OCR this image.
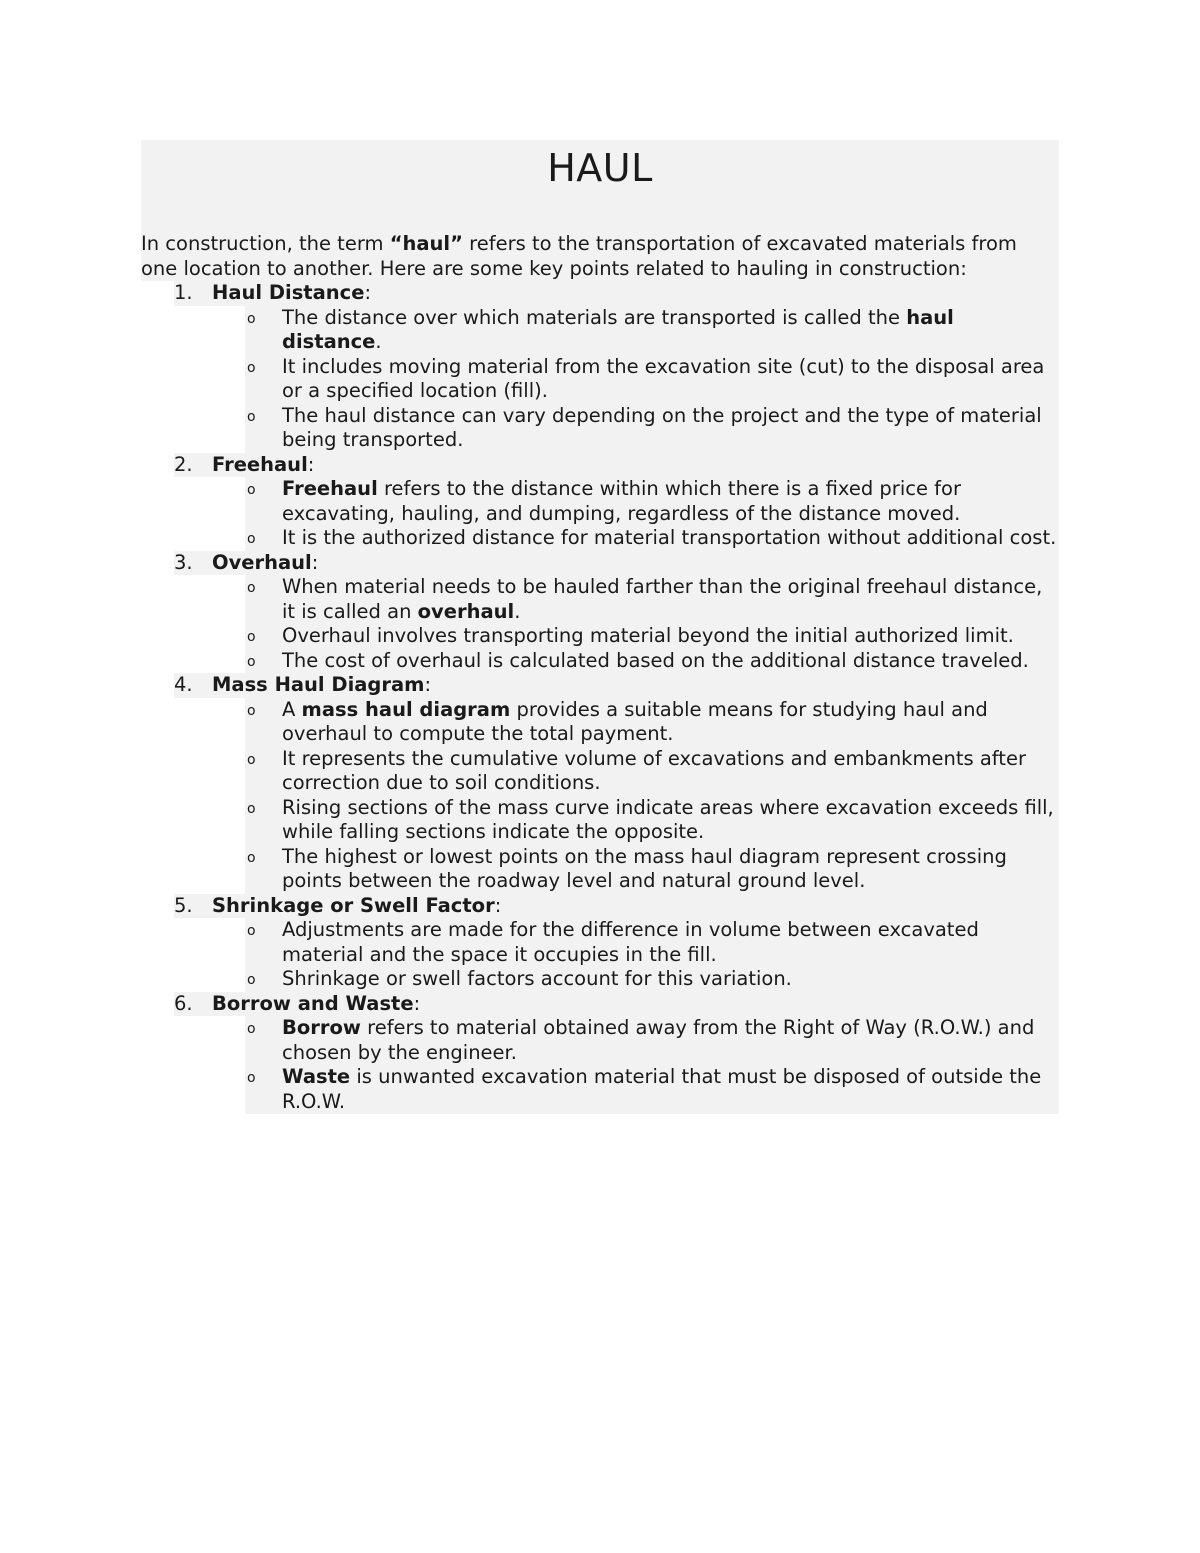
HAUL

In construction, the term “haul” refers to the transportation of excavated materials from one location to another. Here are some key points related to hauling in construction:

1. Haul Distance:
o The distance over which materials are transported is called the haul distance.
o It includes moving material from the excavation site (cut) to the disposal area or a specified location (fill).
o The haul distance can vary depending on the project and the type of material being transported.
2. Freehaul:
o Freehaul refers to the distance within which there is a fixed price for excavating, hauling, and dumping, regardless of the distance moved.
o It is the authorized distance for material transportation without additional cost.
3. Overhaul:
o When material needs to be hauled farther than the original freehaul distance, it is called an overhaul.
o Overhaul involves transporting material beyond the initial authorized limit.
o The cost of overhaul is calculated based on the additional distance traveled.
4. Mass Haul Diagram:
o A mass haul diagram provides a suitable means for studying haul and overhaul to compute the total payment.
o It represents the cumulative volume of excavations and embankments after correction due to soil conditions.
o Rising sections of the mass curve indicate areas where excavation exceeds fill, while falling sections indicate the opposite.
o The highest or lowest points on the mass haul diagram represent crossing points between the roadway level and natural ground level.
5. Shrinkage or Swell Factor:
o Adjustments are made for the difference in volume between excavated material and the space it occupies in the fill.
o Shrinkage or swell factors account for this variation.
6. Borrow and Waste:
o Borrow refers to material obtained away from the Right of Way (R.O.W.) and chosen by the engineer.
o Waste is unwanted excavation material that must be disposed of outside the R.O.W.
